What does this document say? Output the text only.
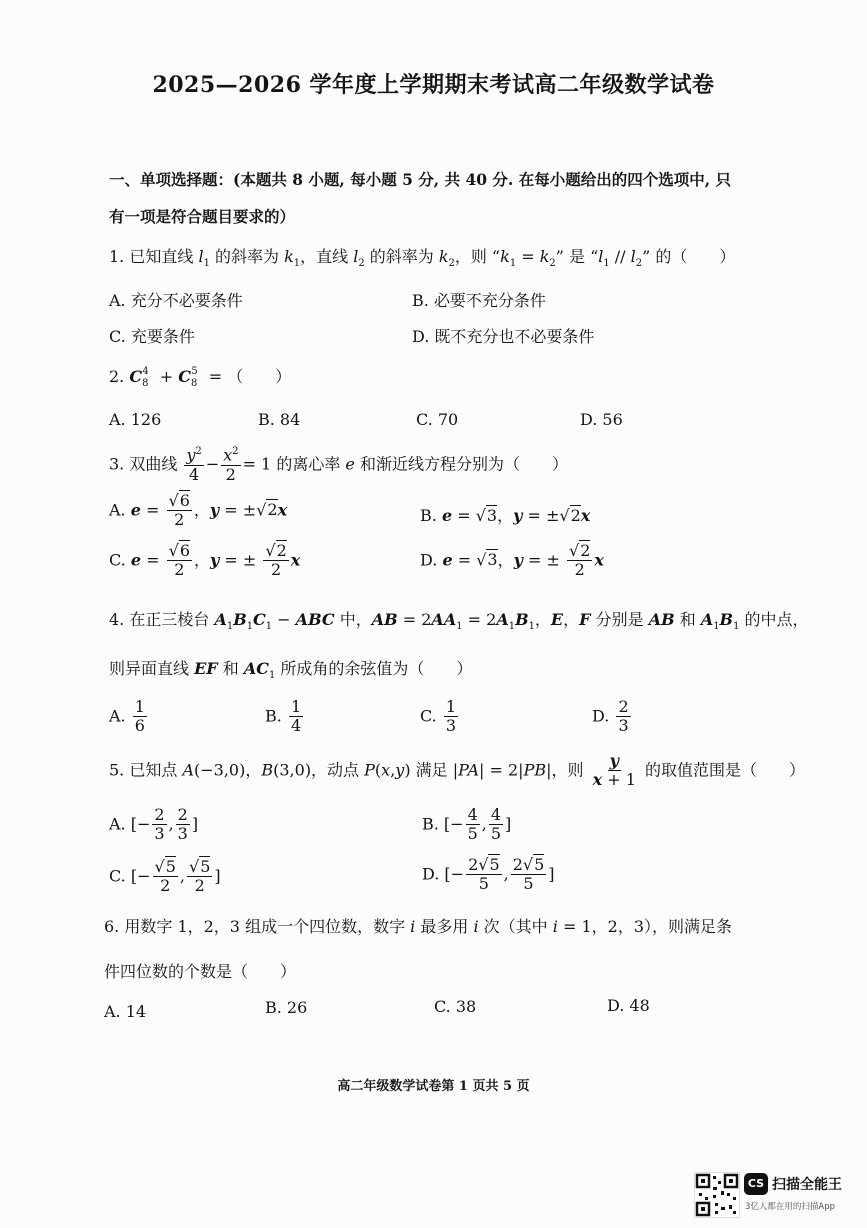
2025—2026 学年度上学期期末考试高二年级数学试卷
一、单项选择题：(本题共 8 小题, 每小题 5 分, 共 40 分. 在每小题给出的四个选项中, 只
有一项是符合题目要求的）
1. 已知直线 $l_1$ 的斜率为 $k_1$，直线 $l_2$ 的斜率为 $k_2$，则 “$k_1 = k_2$” 是 “$l_1 // l_2$” 的（　　）
A. 充分不必要条件	B. 必要不充分条件
C. 充要条件	D. 既不充分也不必要条件
2. $C_8^4 + C_8^5$ = （　　）
A. 126	B. 84	C. 70	D. 56
3. 双曲线 $\frac{y^2}{4} - \frac{x^2}{2} = 1$ 的离心率 e 和渐近线方程分别为（　　）
A. $e = \frac{√6}{2}$ ，y = ±√2x	B. e = √3，y = ±√2x
C. $e = \frac{√6}{2}$ ，y = ± $\frac{√2}{2}$ x	D. e = √3，y = ± $\frac{√2}{2}$ x
4. 在正三棱台 $A_1B_1C_1$ − ABC 中，AB = $2AA_1 = 2A_1B_1$，E，F 分别是 AB 和 $A_1B_1$ 的中点，
则异面直线 EF 和 $AC_1$ 所成角的余弦值为（　　）
A. $\frac{1}{6}$	B. $\frac{1}{4}$	C. $\frac{1}{3}$	D. $\frac{2}{3}$
5. 已知点 A(−3,0)，B(3,0)，动点 P(x,y) 满足 |PA| = 2|PB|，则 $\frac{y}{x + 1}$ 的取值范围是（　　）
A. [− $\frac{2}{3}$ , $\frac{2}{3}$ ]	B. [− $\frac{4}{5}$ , $\frac{4}{5}$ ]
C. [− $\frac{√5}{2}$ , $\frac{√5}{2}$ ]	D. [− $\frac{2√5}{5}$ , $\frac{2√5}{5}$ ]
6. 用数字 1，2，3 组成一个四位数，数字 i 最多用 i 次（其中 i = 1，2，3），则满足条
件四位数的个数是（　　）
A. 14	B. 26	C. 38	D. 48
高二年级数学试卷第 1 页共 5 页
CS 扫描全能王
3亿人都在用的扫描App
